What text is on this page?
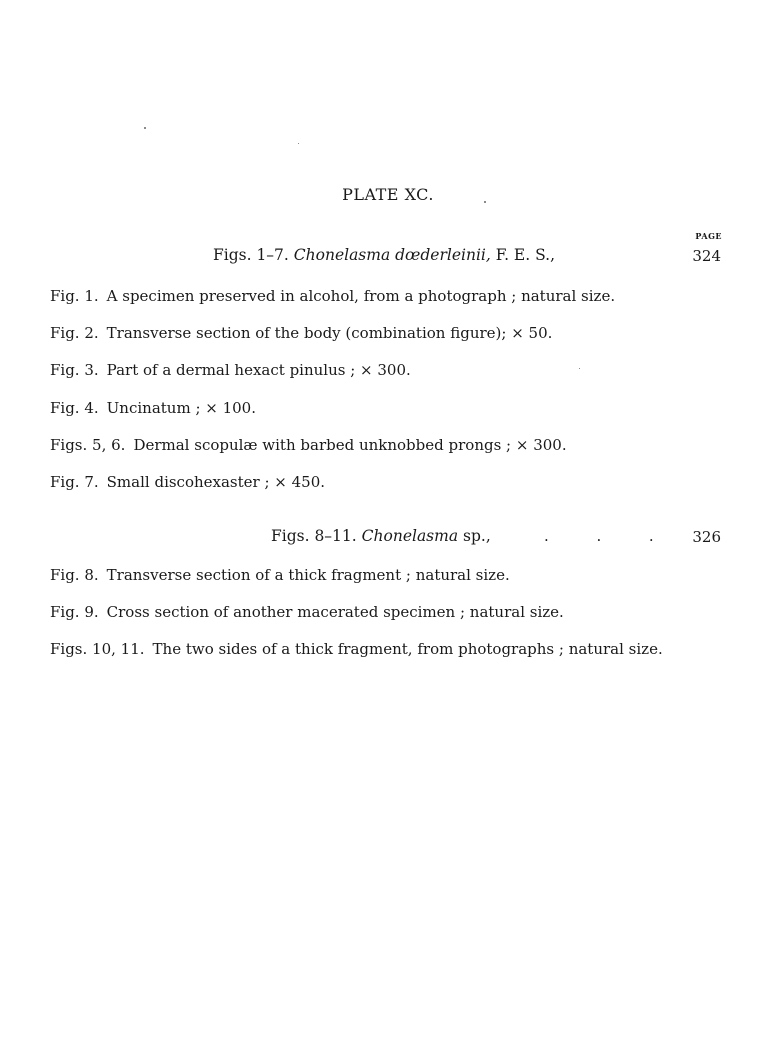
PLATE XC.
PAGE
Figs. 1–7. Chonelasma dœderleinii, F. E. S.,	324
Fig. 1. A specimen preserved in alcohol, from a photograph ; natural size.
Fig. 2. Transverse section of the body (combination figure); × 50.
Fig. 3. Part of a dermal hexact pinulus ; × 300.
Fig. 4. Uncinatum ; × 100.
Figs. 5, 6. Dermal scopulæ with barbed unknobbed prongs ; × 300.
Fig. 7. Small discohexaster ; × 450.
Figs. 8–11. Chonelasma sp.,	.          .          .	326
Fig. 8. Transverse section of a thick fragment ; natural size.
Fig. 9. Cross section of another macerated specimen ; natural size.
Figs. 10, 11. The two sides of a thick fragment, from photographs ; natural size.
